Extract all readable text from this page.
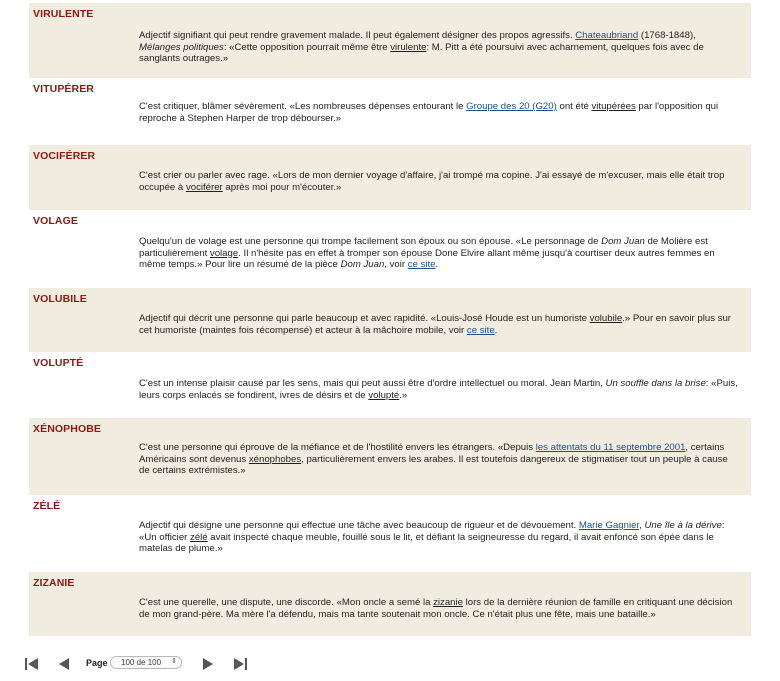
VIRULENTE
Adjectif signifiant qui peut rendre gravement malade. Il peut également désigner des propos agressifs. Chateaubriand (1768-1848), Mélanges politiques: «Cette opposition pourrait même être virulente: M. Pitt a été poursuivi avec acharnement, quelques fois avec de sanglants outrages.»
VITUPÉRER
C'est critiquer, blâmer sévèrement. «Les nombreuses dépenses entourant le Groupe des 20 (G20) ont été vitupérées par l'opposition qui reproche à Stephen Harper de trop débourser.»
VOCIFÉRER
C'est crier ou parler avec rage. «Lors de mon dernier voyage d'affaire, j'ai trompé ma copine. J'ai essayé de m'excuser, mais elle était trop occupée à vociférer après moi pour m'écouter.»
VOLAGE
Quelqu'un de volage est une personne qui trompe facilement son époux ou son épouse. «Le personnage de Dom Juan de Molière est particulièrement volage. Il n'hésite pas en effet à tromper son épouse Done Elvire allant même jusqu'à courtiser deux autres femmes en même temps.» Pour lire un résumé de la pièce Dom Juan, voir ce site.
VOLUBILE
Adjectif qui décrit une personne qui parle beaucoup et avec rapidité. «Louis-José Houde est un humoriste volubile.» Pour en savoir plus sur cet humoriste (maintes fois récompensé) et acteur à la mâchoire mobile, voir ce site.
VOLUPTÉ
C'est un intense plaisir causé par les sens, mais qui peut aussi être d'ordre intellectuel ou moral. Jean Martin, Un souffle dans la brise: «Puis, leurs corps enlacés se fondirent, ivres de désirs et de volupté.»
XÉNOPHOBE
C'est une personne qui éprouve de la méfiance et de l'hostilité envers les étrangers. «Depuis les attentats du 11 septembre 2001, certains Américains sont devenus xénophobes, particulièrement envers les arabes. Il est toutefois dangereux de stigmatiser tout un peuple à cause de certains extrémistes.»
ZÉLÉ
Adjectif qui désigne une personne qui effectue une tâche avec beaucoup de rigueur et de dévouement. Marie Gagnier, Une île à la dérive: «Un officier zélé avait inspecté chaque meuble, fouillé sous le lit, et défiant la seigneuresse du regard, il avait enfoncé son épée dans le matelas de plume.»
ZIZANIE
C'est une querelle, une dispute, une discorde. «Mon oncle a semé la zizanie lors de la dernière réunion de famille en critiquant une décision de mon grand-père. Ma mère l'a défendu, mais ma tante soutenait mon oncle. Ce n'était plus une fête, mais une bataille.»
Page	100 de 100 ⇕
